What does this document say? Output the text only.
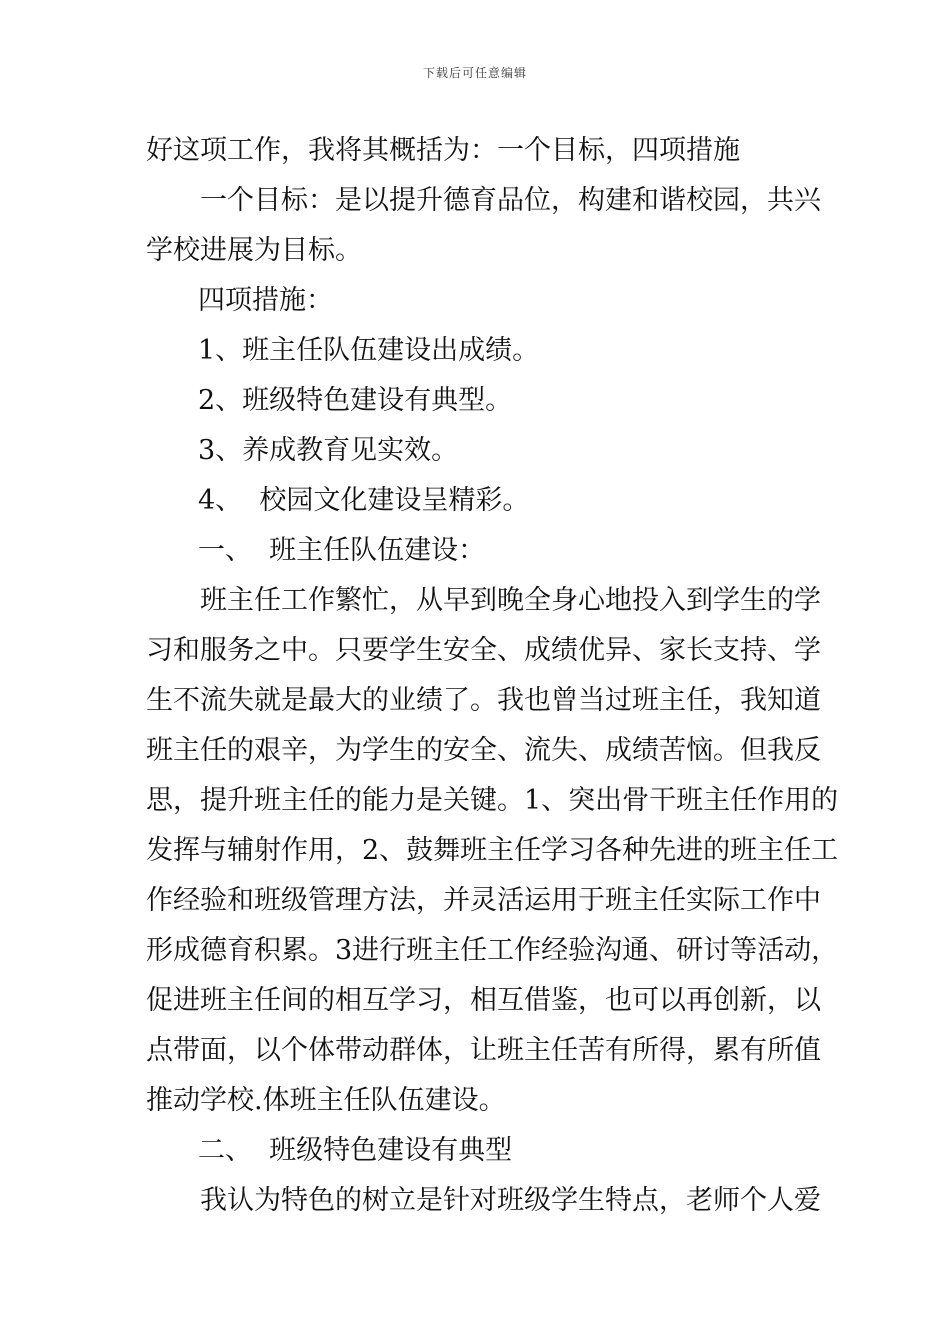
下载后可任意编辑
好这项工作，我将其概括为：一个目标，四项措施
一个目标：是以提升德育品位，构建和谐校园，共兴
学校进展为目标。
四项措施：
1、班主任队伍建设出成绩。
2、班级特色建设有典型。
3、养成教育见实效。
4、  校园文化建设呈精彩。
一、  班主任队伍建设：
班主任工作繁忙，从早到晚全身心地投入到学生的学
习和服务之中。只要学生安全、成绩优异、家长支持、学
生不流失就是最大的业绩了。我也曾当过班主任，我知道
班主任的艰辛，为学生的安全、流失、成绩苦恼。但我反
思，提升班主任的能力是关键。1、突出骨干班主任作用的
发挥与辅射作用，2、鼓舞班主任学习各种先进的班主任工
作经验和班级管理方法，并灵活运用于班主任实际工作中
形成德育积累。3进行班主任工作经验沟通、研讨等活动，
促进班主任间的相互学习，相互借鉴，也可以再创新，以
点带面，以个体带动群体，让班主任苦有所得，累有所值
推动学校.体班主任队伍建设。
二、  班级特色建设有典型
我认为特色的树立是针对班级学生特点，老师个人爱
